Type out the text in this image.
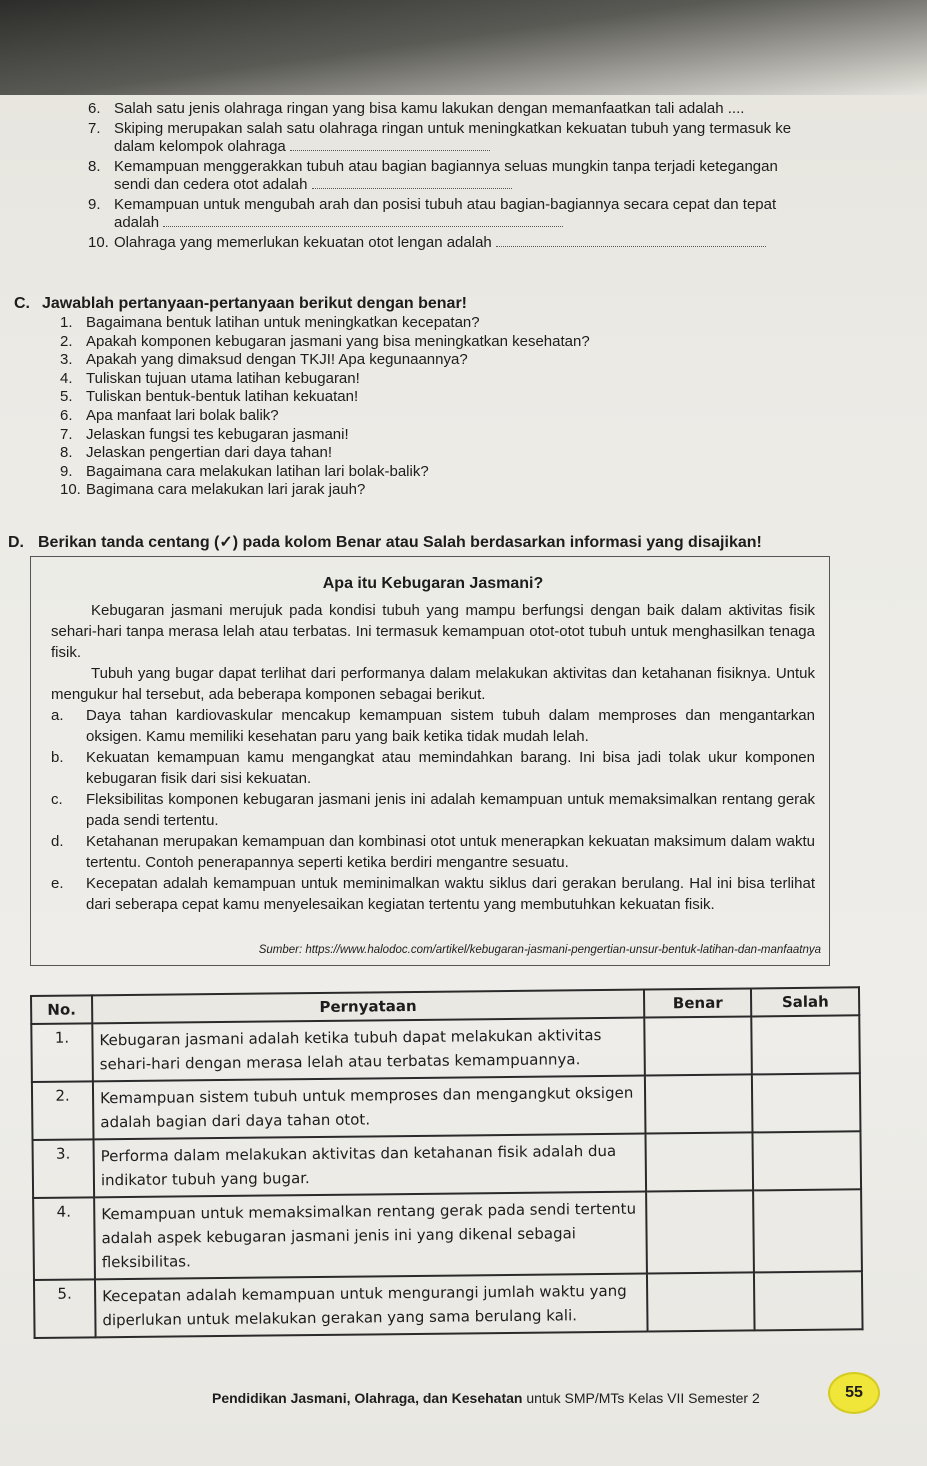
6. Salah satu jenis olahraga ringan yang bisa kamu lakukan dengan memanfaatkan tali adalah ....
7. Skiping merupakan salah satu olahraga ringan untuk meningkatkan kekuatan tubuh yang termasuk ke dalam kelompok olahraga
8. Kemampuan menggerakkan tubuh atau bagian bagiannya seluas mungkin tanpa terjadi ketegangan sendi dan cedera otot adalah
9. Kemampuan untuk mengubah arah dan posisi tubuh atau bagian-bagiannya secara cepat dan tepat adalah
10. Olahraga yang memerlukan kekuatan otot lengan adalah
C. Jawablah pertanyaan-pertanyaan berikut dengan benar!
1. Bagaimana bentuk latihan untuk meningkatkan kecepatan?
2. Apakah komponen kebugaran jasmani yang bisa meningkatkan kesehatan?
3. Apakah yang dimaksud dengan TKJI! Apa kegunaannya?
4. Tuliskan tujuan utama latihan kebugaran!
5. Tuliskan bentuk-bentuk latihan kekuatan!
6. Apa manfaat lari bolak balik?
7. Jelaskan fungsi tes kebugaran jasmani!
8. Jelaskan pengertian dari daya tahan!
9. Bagaimana cara melakukan latihan lari bolak-balik?
10. Bagimana cara melakukan lari jarak jauh?
D. Berikan tanda centang (✓) pada kolom Benar atau Salah berdasarkan informasi yang disajikan!
Apa itu Kebugaran Jasmani?

Kebugaran jasmani merujuk pada kondisi tubuh yang mampu berfungsi dengan baik dalam aktivitas fisik sehari-hari tanpa merasa lelah atau terbatas. Ini termasuk kemampuan otot-otot tubuh untuk menghasilkan tenaga fisik.

Tubuh yang bugar dapat terlihat dari performanya dalam melakukan aktivitas dan ketahanan fisiknya. Untuk mengukur hal tersebut, ada beberapa komponen sebagai berikut.

a. Daya tahan kardiovaskular mencakup kemampuan sistem tubuh dalam memproses dan mengantarkan oksigen. Kamu memiliki kesehatan paru yang baik ketika tidak mudah lelah.
b. Kekuatan kemampuan kamu mengangkat atau memindahkan barang. Ini bisa jadi tolak ukur komponen kebugaran fisik dari sisi kekuatan.
c. Fleksibilitas komponen kebugaran jasmani jenis ini adalah kemampuan untuk memaksimalkan rentang gerak pada sendi tertentu.
d. Ketahanan merupakan kemampuan dan kombinasi otot untuk menerapkan kekuatan maksimum dalam waktu tertentu. Contoh penerapannya seperti ketika berdiri mengantre sesuatu.
e. Kecepatan adalah kemampuan untuk meminimalkan waktu siklus dari gerakan berulang. Hal ini bisa terlihat dari seberapa cepat kamu menyelesaikan kegiatan tertentu yang membutuhkan kekuatan fisik.
Sumber: https://www.halodoc.com/artikel/kebugaran-jasmani-pengertian-unsur-bentuk-latihan-dan-manfaatnya
No.	Pernyataan	Benar	Salah
1.	Kebugaran jasmani adalah ketika tubuh dapat melakukan aktivitas sehari-hari dengan merasa lelah atau terbatas kemampuannya.		
2.	Kemampuan sistem tubuh untuk memproses dan mengangkut oksigen adalah bagian dari daya tahan otot.		
3.	Performa dalam melakukan aktivitas dan ketahanan fisik adalah dua indikator tubuh yang bugar.		
4.	Kemampuan untuk memaksimalkan rentang gerak pada sendi tertentu adalah aspek kebugaran jasmani jenis ini yang dikenal sebagai fleksibilitas.		
5.	Kecepatan adalah kemampuan untuk mengurangi jumlah waktu yang diperlukan untuk melakukan gerakan yang sama berulang kali.		
Pendidikan Jasmani, Olahraga, dan Kesehatan untuk SMP/MTs Kelas VII Semester 2	55
